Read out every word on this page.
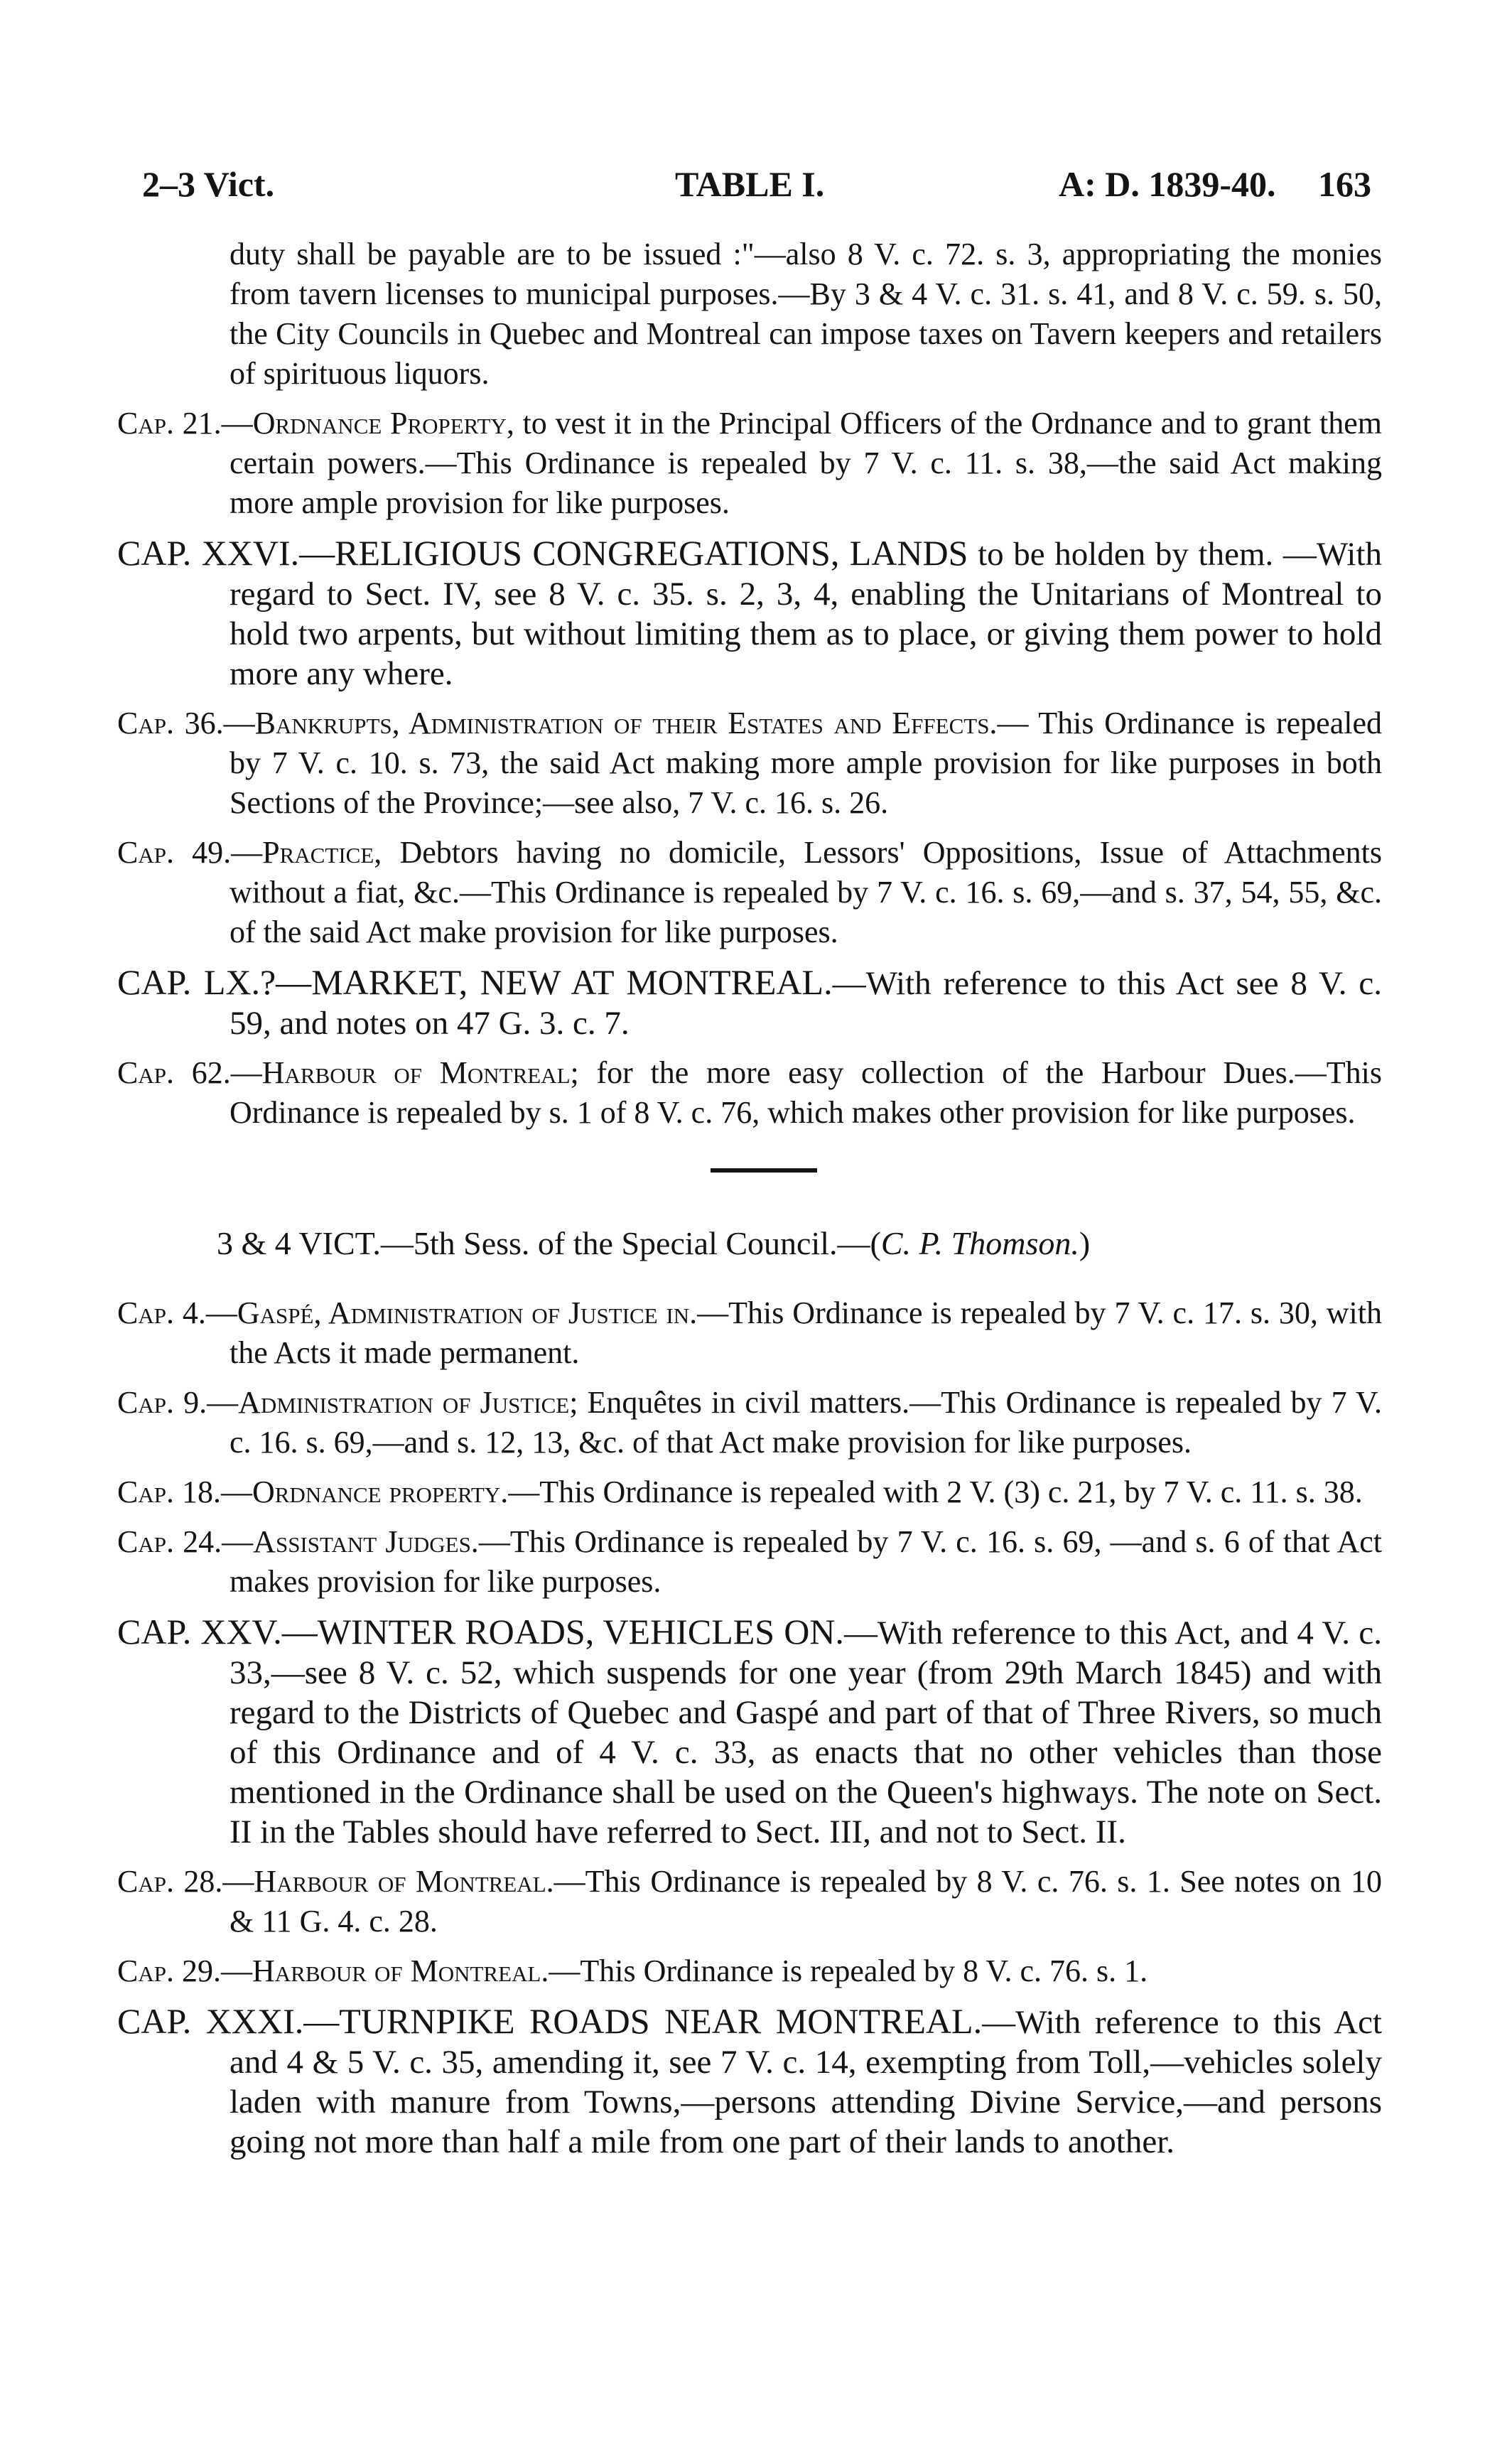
2–3 Vict.	TABLE I.	A: D. 1839-40. 163
duty shall be payable are to be issued :"—also 8 V. c. 72. s. 3, appropriating the monies from tavern licenses to municipal purposes.—By 3 & 4 V. c. 31. s. 41, and 8 V. c. 59. s. 50, the City Councils in Quebec and Montreal can impose taxes on Tavern keepers and retailers of spirituous liquors.
Cap. 21.—Ordnance Property, to vest it in the Principal Officers of the Ordnance and to grant them certain powers.—This Ordinance is repealed by 7 V. c. 11. s. 38,—the said Act making more ample provision for like purposes.
CAP. XXVI.—RELIGIOUS CONGREGATIONS, LANDS to be holden by them. —With regard to Sect. IV, see 8 V. c. 35. s. 2, 3, 4, enabling the Unitarians of Montreal to hold two arpents, but without limiting them as to place, or giving them power to hold more any where.
Cap. 36.—Bankrupts, Administration of their Estates and Effects.— This Ordinance is repealed by 7 V. c. 10. s. 73, the said Act making more ample provision for like purposes in both Sections of the Province;—see also, 7 V. c. 16. s. 26.
Cap. 49.—Practice, Debtors having no domicile, Lessors' Oppositions, Issue of Attachments without a fiat, &c.—This Ordinance is repealed by 7 V. c. 16. s. 69,—and s. 37, 54, 55, &c. of the said Act make provision for like purposes.
CAP. LX.?—MARKET, NEW AT MONTREAL.—With reference to this Act see 8 V. c. 59, and notes on 47 G. 3. c. 7.
Cap. 62.—Harbour of Montreal; for the more easy collection of the Harbour Dues.—This Ordinance is repealed by s. 1 of 8 V. c. 76, which makes other provision for like purposes.
3 & 4 VICT.—5th Sess. of the Special Council.—(C. P. Thomson.)
Cap. 4.—Gaspé, Administration of Justice in.—This Ordinance is repealed by 7 V. c. 17. s. 30, with the Acts it made permanent.
Cap. 9.—Administration of Justice; Enquêtes in civil matters.—This Ordinance is repealed by 7 V. c. 16. s. 69,—and s. 12, 13, &c. of that Act make provision for like purposes.
Cap. 18.—Ordnance property.—This Ordinance is repealed with 2 V. (3) c. 21, by 7 V. c. 11. s. 38.
Cap. 24.—Assistant Judges.—This Ordinance is repealed by 7 V. c. 16. s. 69, —and s. 6 of that Act makes provision for like purposes.
CAP. XXV.—WINTER ROADS, VEHICLES ON.—With reference to this Act, and 4 V. c. 33,—see 8 V. c. 52, which suspends for one year (from 29th March 1845) and with regard to the Districts of Quebec and Gaspé and part of that of Three Rivers, so much of this Ordinance and of 4 V. c. 33, as enacts that no other vehicles than those mentioned in the Ordinance shall be used on the Queen's highways. The note on Sect. II in the Tables should have referred to Sect. III, and not to Sect. II.
Cap. 28.—Harbour of Montreal.—This Ordinance is repealed by 8 V. c. 76. s. 1. See notes on 10 & 11 G. 4. c. 28.
Cap. 29.—Harbour of Montreal.—This Ordinance is repealed by 8 V. c. 76. s. 1.
CAP. XXXI.—TURNPIKE ROADS NEAR MONTREAL.—With reference to this Act and 4 & 5 V. c. 35, amending it, see 7 V. c. 14, exempting from Toll,—vehicles solely laden with manure from Towns,—persons attending Divine Service,—and persons going not more than half a mile from one part of their lands to another.
